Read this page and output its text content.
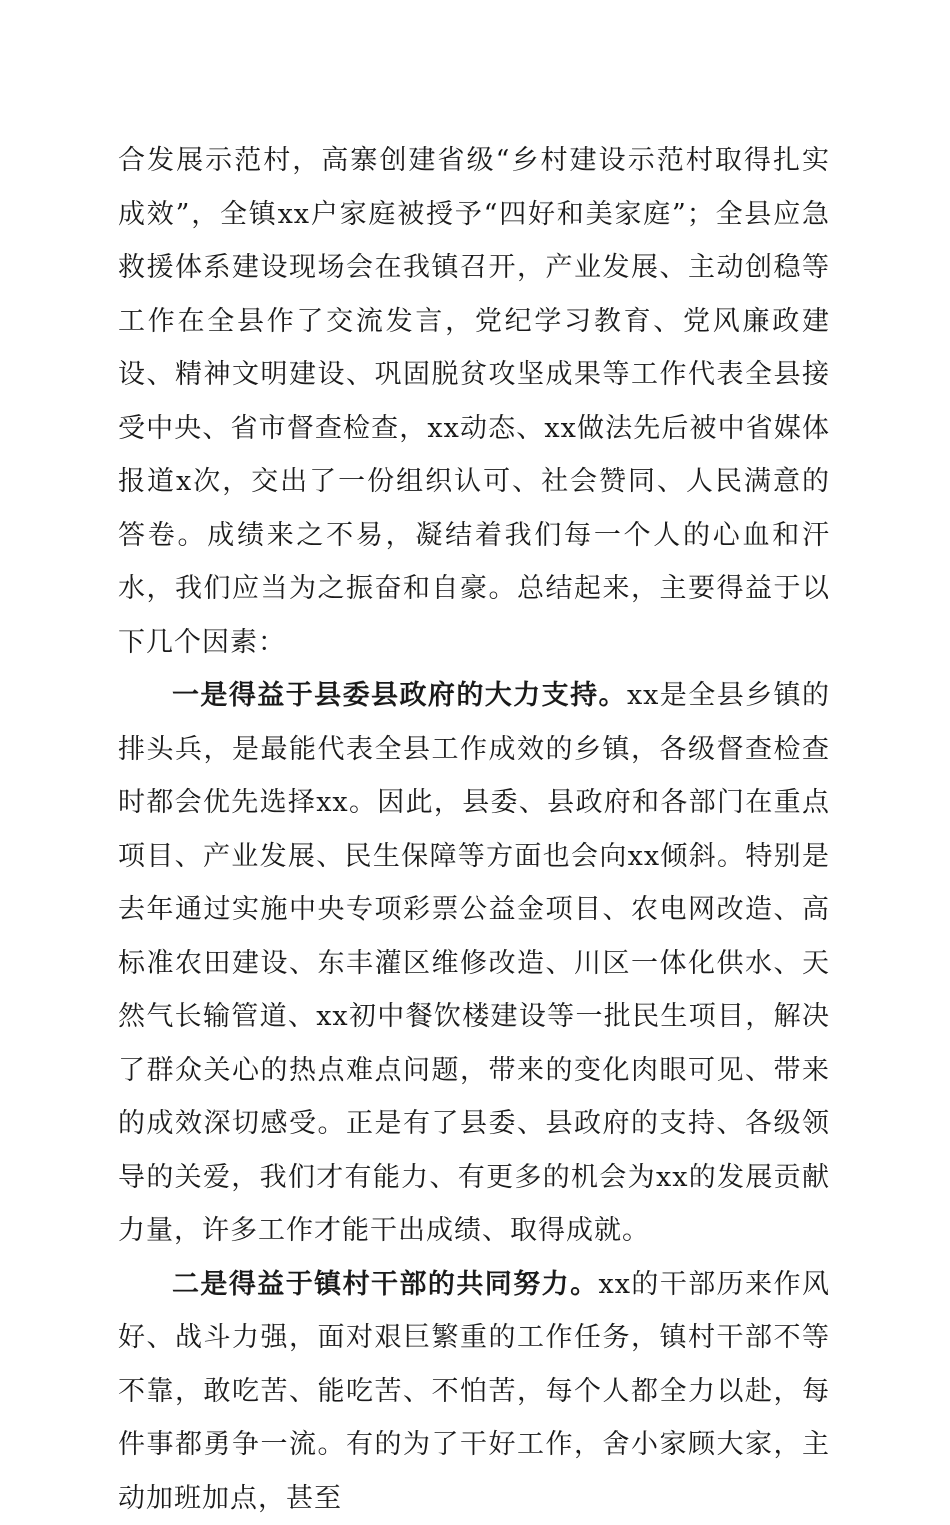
合发展示范村，高寨创建省级“乡村建设示范村取得扎实成效”，全镇xx户家庭被授予“四好和美家庭”；全县应急救援体系建设现场会在我镇召开，产业发展、主动创稳等工作在全县作了交流发言，党纪学习教育、党风廉政建设、精神文明建设、巩固脱贫攻坚成果等工作代表全县接受中央、省市督查检查，xx动态、xx做法先后被中省媒体报道x次，交出了一份组织认可、社会赞同、人民满意的答卷。成绩来之不易，凝结着我们每一个人的心血和汗水，我们应当为之振奋和自豪。总结起来，主要得益于以下几个因素：

一是得益于县委县政府的大力支持。xx是全县乡镇的排头兵，是最能代表全县工作成效的乡镇，各级督查检查时都会优先选择xx。因此，县委、县政府和各部门在重点项目、产业发展、民生保障等方面也会向xx倾斜。特别是去年通过实施中央专项彩票公益金项目、农电网改造、高标准农田建设、东丰灌区维修改造、川区一体化供水、天然气长输管道、xx初中餐饮楼建设等一批民生项目，解决了群众关心的热点难点问题，带来的变化肉眼可见、带来的成效深切感受。正是有了县委、县政府的支持、各级领导的关爱，我们才有能力、有更多的机会为xx的发展贡献力量，许多工作才能干出成绩、取得成就。

二是得益于镇村干部的共同努力。xx的干部历来作风好、战斗力强，面对艰巨繁重的工作任务，镇村干部不等不靠，敢吃苦、能吃苦、不怕苦，每个人都全力以赴，每件事都勇争一流。有的为了干好工作，舍小家顾大家，主动加班加点，甚至
